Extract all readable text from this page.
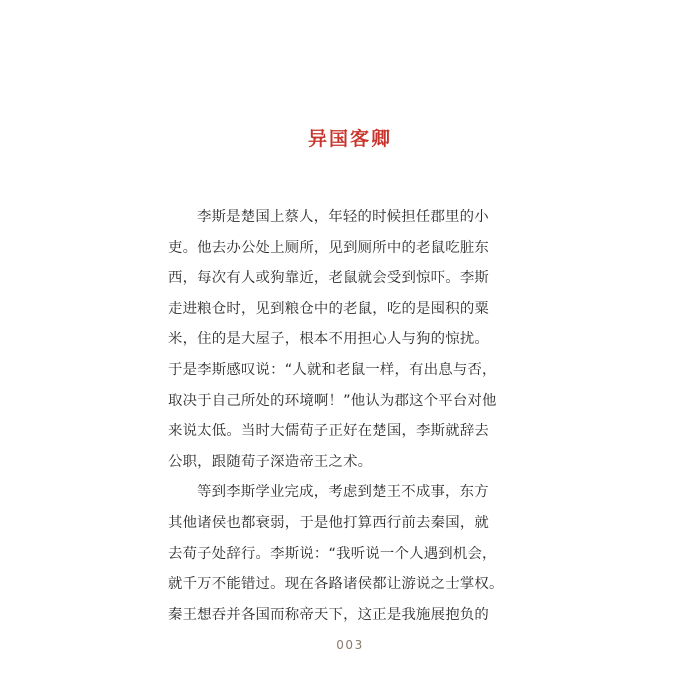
异国客卿
李斯是楚国上蔡人，年轻的时候担任郡里的小
吏。他去办公处上厕所，见到厕所中的老鼠吃脏东
西，每次有人或狗靠近，老鼠就会受到惊吓。李斯
走进粮仓时，见到粮仓中的老鼠，吃的是囤积的粟
米，住的是大屋子，根本不用担心人与狗的惊扰。
于是李斯感叹说：“人就和老鼠一样，有出息与否，
取决于自己所处的环境啊！”他认为郡这个平台对他
来说太低。当时大儒荀子正好在楚国，李斯就辞去
公职，跟随荀子深造帝王之术。
等到李斯学业完成，考虑到楚王不成事，东方
其他诸侯也都衰弱，于是他打算西行前去秦国，就
去荀子处辞行。李斯说：“我听说一个人遇到机会，
就千万不能错过。现在各路诸侯都让游说之士掌权。
秦王想吞并各国而称帝天下，这正是我施展抱负的
003
